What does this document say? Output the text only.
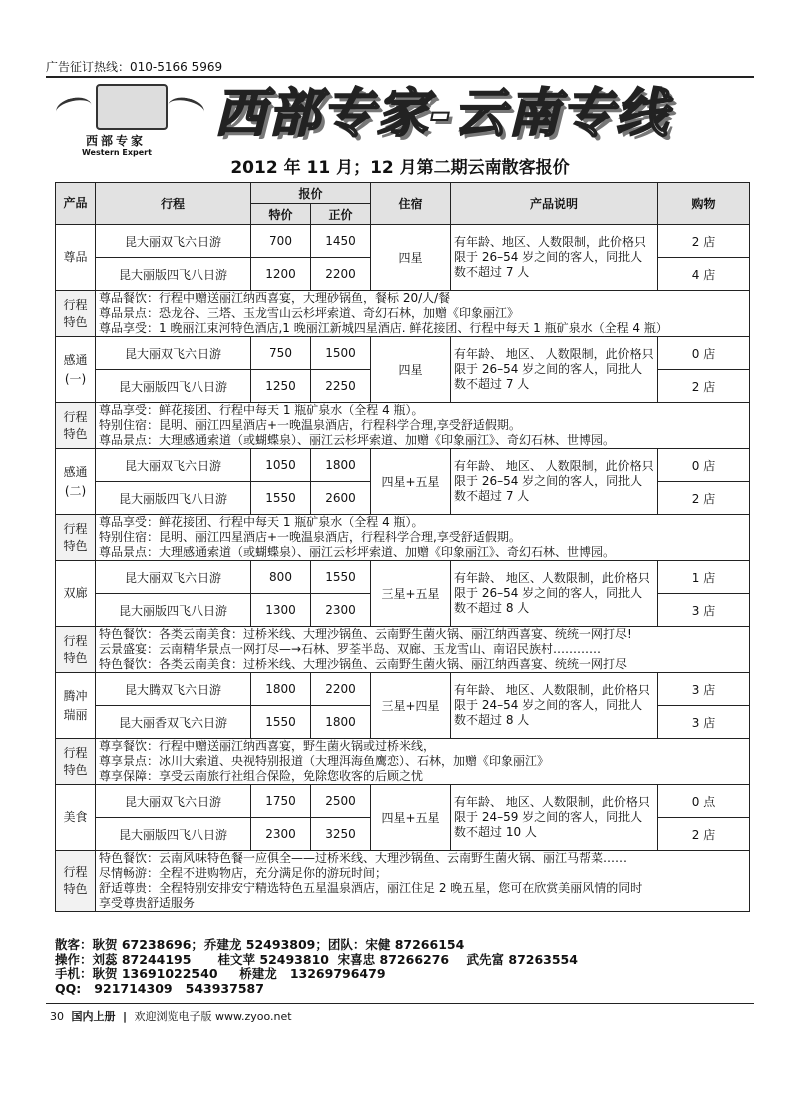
广告征订热线：010-5166 5969
西部专家
Western Expert
西部专家-云南专线
2012 年 11 月；12 月第二期云南散客报价
产品	行程	报价		住宿	产品说明	购物
		特价	正价			
尊品	昆大丽双飞六日游	700	1450	四星	有年龄、地区、人数限制，此价格只限于 26–54 岁之间的客人，同批人数不超过 7 人	2 店
	昆大丽版四飞八日游	1200	2200			4 店
行程特色	尊品餐饮：行程中赠送丽江纳西喜宴，大理砂锅鱼，餐标 20/人/餐
尊品景点：恐龙谷、三塔、玉龙雪山云杉坪索道、奇幻石林，加赠《印象丽江》
尊品享受：1 晚丽江束河特色酒店,1 晚丽江新城四星酒店. 鲜花接团、行程中每天 1 瓶矿泉水（全程 4 瓶）					

感通(一)	昆大丽双飞六日游	750	1500	四星	有年龄、 地区、 人数限制，此价格只限于 26–54 岁之间的客人，同批人数不超过 7 人	0 店
	昆大丽版四飞八日游	1250	2250			2 店
行程特色	尊品享受：鲜花接团、行程中每天 1 瓶矿泉水（全程 4 瓶）。
特别住宿：昆明、丽江四星酒店+一晚温泉酒店，行程科学合理,享受舒适假期。
尊品景点：大理感通索道（或蝴蝶泉）、丽江云杉坪索道、加赠《印象丽江》、奇幻石林、世博园。					

感通(二)	昆大丽双飞六日游	1050	1800	四星+五星	有年龄、 地区、 人数限制，此价格只限于 26–54 岁之间的客人，同批人数不超过 7 人	0 店
	昆大丽版四飞八日游	1550	2600			2 店
行程特色	尊品享受：鲜花接团、行程中每天 1 瓶矿泉水（全程 4 瓶）。
特别住宿：昆明、丽江四星酒店+一晚温泉酒店，行程科学合理,享受舒适假期。
尊品景点：大理感通索道（或蝴蝶泉）、丽江云杉坪索道、加赠《印象丽江》、奇幻石林、世博园。					

双廊	昆大丽双飞六日游	800	1550	三星+五星	有年龄、 地区、人数限制，此价格只限于 26–54 岁之间的客人，同批人数不超过 8 人	1 店
	昆大丽版四飞八日游	1300	2300			3 店
行程特色	特色餐饮：各类云南美食：过桥米线、大理沙锅鱼、云南野生菌火锅、丽江纳西喜宴、统统一网打尽!
云景盛宴：云南精华景点一网打尽—→石林、罗荃半岛、双廊、玉龙雪山、南诏民族村…………
特色餐饮：各类云南美食：过桥米线、大理沙锅鱼、云南野生菌火锅、丽江纳西喜宴、统统一网打尽					

腾冲瑞丽	昆大腾双飞六日游	1800	2200	三星+四星	有年龄、 地区、人数限制，此价格只限于 24–54 岁之间的客人，同批人数不超过 8 人	3 店
	昆大丽香双飞六日游	1550	1800			3 店
行程特色	尊享餐饮：行程中赠送丽江纳西喜宴，野生菌火锅或过桥米线，
尊享景点：冰川大索道、央视特别报道（大理洱海鱼鹰恋）、石林，加赠《印象丽江》
尊享保障：享受云南旅行社组合保险，免除您收客的后顾之忧					

美食	昆大丽双飞六日游	1750	2500	四星+五星	有年龄、 地区、人数限制，此价格只限于 24–59 岁之间的客人，同批人数不超过 10 人	0 点
	昆大丽版四飞八日游	2300	3250			2 店
行程特色	特色餐饮：云南风味特色餐一应俱全——过桥米线、大理沙锅鱼、云南野生菌火锅、丽江马帮菜……
尽情畅游：全程不进购物店，充分满足你的游玩时间；
舒适尊贵：全程特别安排安宁精选特色五星温泉酒店，丽江住足 2 晚五星，您可在欣赏美丽风情的同时
享受尊贵舒适服务					
散客：耿贺 67238696；乔建龙 52493809；团队：宋健 87266154
操作：刘蕊 87244195      桂文苹 52493810  宋喜忠 87266276    武先富 87263554
手机：耿贺 13691022540     桥建龙   13269796479
QQ:   921714309   543937587
30 国内上册 | 欢迎浏览电子版 www.zyoo.net
